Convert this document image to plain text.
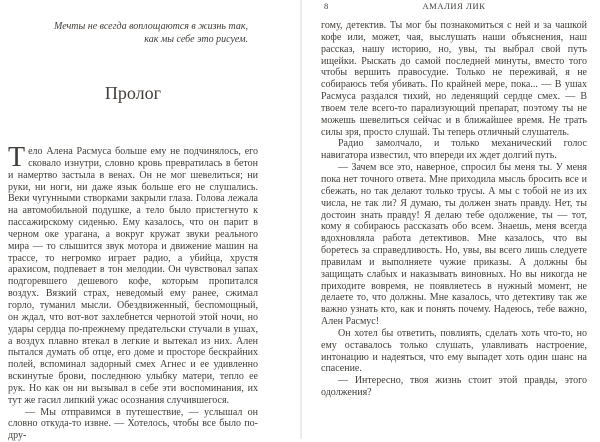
Мечты не всегда воплощаются в жизнь так,
как мы себе это рисуем.
Пролог

Тело Алена Расмуса больше ему не подчинялось, его сковало изнутри, словно кровь превратилась в бетон и намертво застыла в венах. Он не мог шевелиться; ни руки, ни ноги, ни даже язык больше его не слушались. Веки чугунными створками закрыли глаза. Голова лежала на автомобильной подушке, а тело было пристегнуто к пассажирскому сиденью. Ему казалось, что он парит в черном оке урагана, а вокруг кружат звуки реального мира — то слышится звук мотора и движение машин на трассе, то негромко играет радио, а убийца, хрустя арахисом, подпевает в тон мелодии. Он чувствовал запах подгоревшего дешевого кофе, которым пропитался воздух. Вязкий страх, неведомый ему ранее, сжимал горло, туманил мысли. Обездвиженный, беспомощный, он ждал, что вот-вот захлебнется чернотой этой ночи, но удары сердца по-прежнему предательски стучали в ушах, а воздух плавно втекал в легкие и вытекал из них. Ален пытался думать об отце, его доме и просторе бескрайних полей, вспоминал задорный смех Агнес и ее удивленно вскинутые брови, последнюю улыбку матери, тепло ее рук. Но как он ни вызывал в себе эти воспоминания, их тут же гасил липкий ужас осознания случившегося.

— Мы отправимся в путешествие, — услышал он словно откуда-то извне. — Хотелось, чтобы все было по-дру-

8	АМАЛИЯ ЛИК

гому, детектив. Ты мог бы познакомиться с ней и за чашкой кофе или, может, чая, выслушать наши объяснения, наш рассказ, нашу историю, но, увы, ты выбрал свой путь ищейки. Рыскать до самой последней минуты, вместо того чтобы вершить правосудие. Только не переживай, я не собираюсь тебя убивать. По крайней мере, пока... — В ушах Расмуса раздался тихий, но леденящий сердце смех. — В твоем теле всего-то парализующий препарат, поэтому ты не можешь шевелиться сейчас и в ближайшее время. Не трать силы зря, просто слушай. Ты теперь отличный слушатель.

Радио замолчало, и только механический голос навигатора известил, что впереди их ждет долгий путь.

— Зачем все это, наверное, спросил бы меня ты. У меня пока нет точного ответа. Мне приходила мысль бросить все и сбежать, но так делают только трусы. А мы с тобой не из их числа, не так ли? Я думаю, ты должен знать правду. Нет, ты достоин знать правду! Я делаю тебе одолжение, ты — тот, кому я собираюсь рассказать обо всем. Знаешь, меня всегда вдохновляла работа детективов. Мне казалось, что вы боретесь за справедливость. Но, увы, вы всего лишь следуете правилам и выполняете чужие приказы. А должны бы защищать слабых и наказывать виновных. Но вы никогда не приходите вовремя, не появляетесь в нужный момент, не делаете то, что должны. Мне казалось, что детективу так же важно узнать кто, как и понять почему. Надеюсь, тебе важно, Ален Расмус!

Он хотел бы ответить, повлиять, сделать хоть что-то, но ему оставалось только слушать, улавливать настроение, интонацию и надеяться, что ему выпадет хоть один шанс на спасение.

— Интересно, твоя жизнь стоит этой правды, этого одолжения?
